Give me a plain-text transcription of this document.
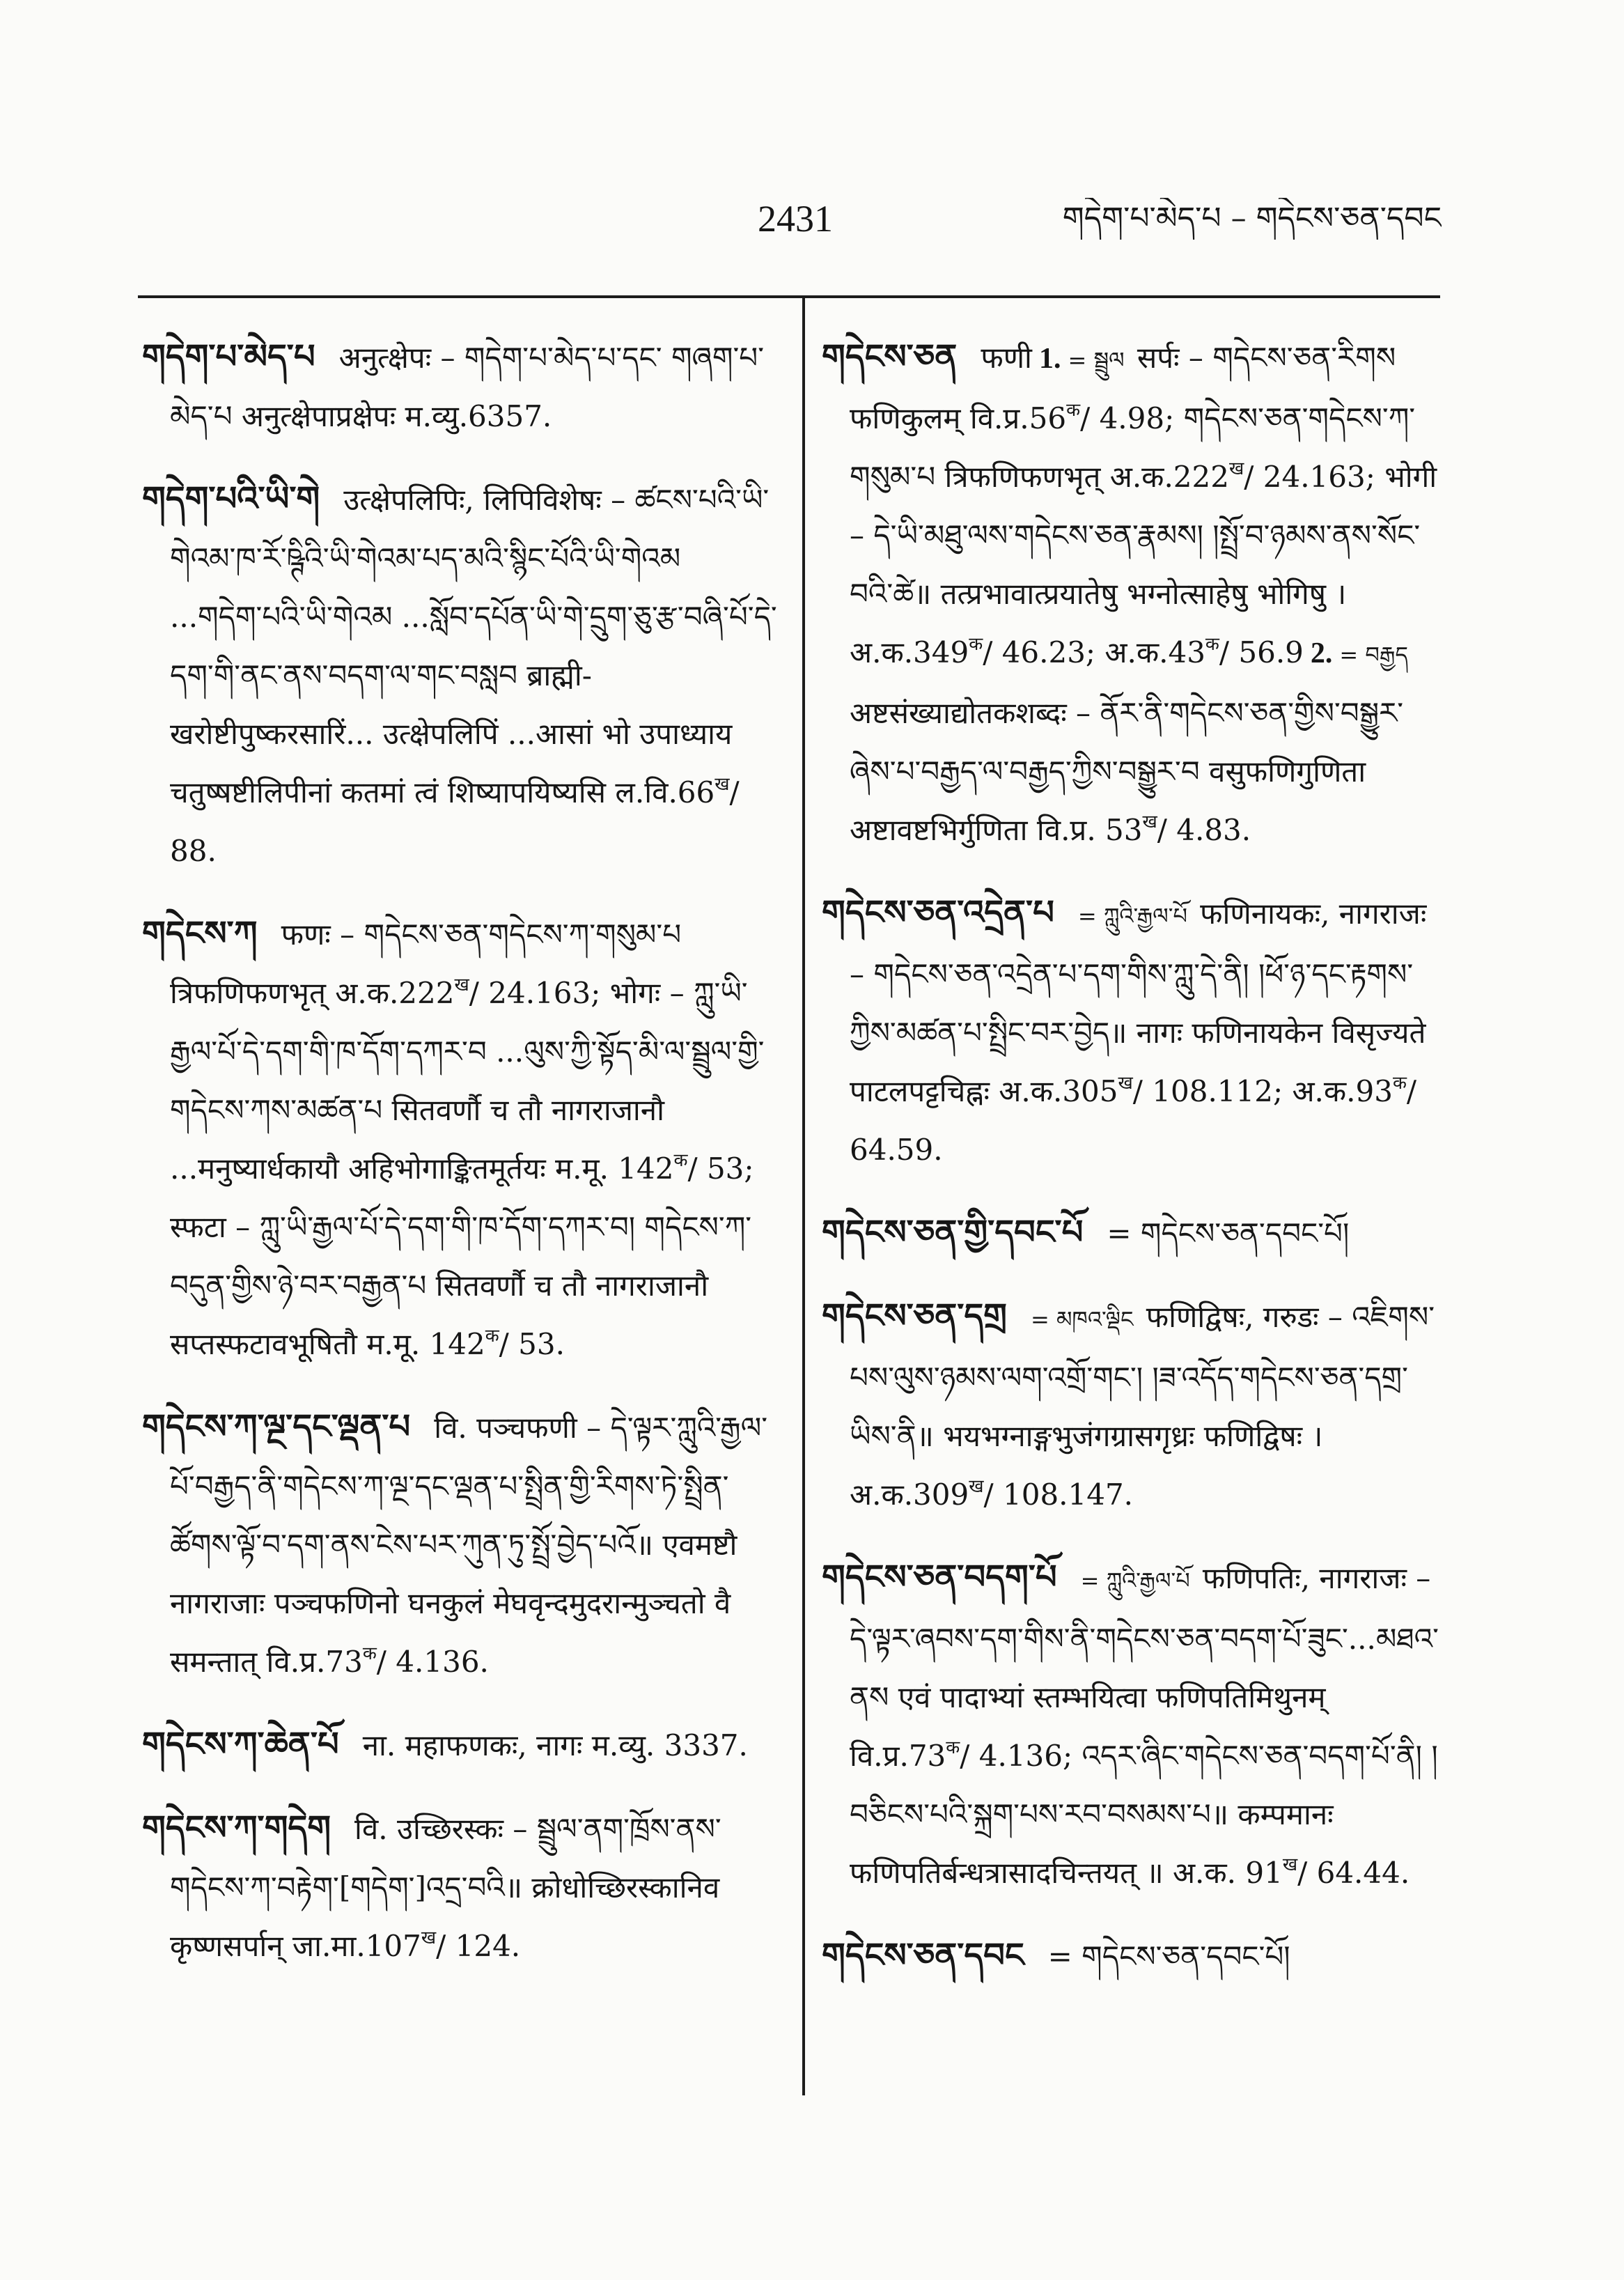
2431	གདེག་པ་མེད་པ – གདེངས་ཅན་དབང
གདེག་པ་མེད་པ अनुत्क्षेपः – གདེག་པ་མེད་པ་དང་ གཞག་པ་མེད་པ अनुत्क्षेपाप्रक्षेपः म.व्यु.6357.
གདེག་པའི་ཡི་གེ उत्क्षेपलिपिः, लिपिविशेषः – ཚངས་པའི་ཡི་གེའམ་ཁ་རོ་ཥྚིའི་ཡི་གེའམ་པད་མའི་སྙིང་པོའི་ཡི་གེའམ ...གདེག་པའི་ཡི་གེའམ ...སློབ་དཔོན་ཡི་གེ་དྲུག་ཅུ་རྩ་བཞི་པོ་དེ་དག་གི་ནང་ནས་བདག་ལ་གང་བསླབ ब्राह्मी-खरोष्टीपुष्करसारिं... उत्क्षेपलिपिं ...आसां भो उपाध्याय चतुष्षष्टीलिपीनां कतमां त्वं शिष्यापयिष्यसि $ल.वि.66^ख/$ 88.
གདེངས་ཀ फणः – གདེངས་ཅན་གདེངས་ཀ་གསུམ་པ त्रिफणिफणभृत् $अ.क.222^ख/$ 24.163; भोगः – ཀླུ་ཡི་རྒྱལ་པོ་དེ་དག་གི་ཁ་དོག་དཀར་བ ...ལུས་ཀྱི་སྟོད་མི་ལ་སྦྲུལ་གྱི་གདེངས་ཀས་མཚན་པ सितवर्णौ च तौ नागराजानौ ...मनुष्यार्धकायौ अहिभोगाङ्कितमूर्तयः म.मू. $142^क/$ 53; स्फटा – ཀླུ་ཡི་རྒྱལ་པོ་དེ་དག་གི་ཁ་དོག་དཀར་བ། གདེངས་ཀ་བདུན་གྱིས་ཉེ་བར་བརྒྱན་པ सितवर्णौ च तौ नागराजानौ सप्तस्फटावभूषितौ म.मू. $142^क/$ 53.
གདེངས་ཀ་ལྔ་དང་ལྡན་པ वि. पञ्चफणी – དེ་ལྟར་ཀླུའི་རྒྱལ་པོ་བརྒྱད་ནི་གདེངས་ཀ་ལྔ་དང་ལྡན་པ་སྤྲིན་གྱི་རིགས་ཏེ་སྤྲིན་ཚོགས་ལྟོ་བ་དག་ནས་ངེས་པར་ཀུན་ཏུ་སྤྲོ་བྱེད་པའོ॥ एवमष्टौ नागराजाः पञ्चफणिनो घनकुलं मेघवृन्दमुदरान्मुञ्चतो वै समन्तात् $वि.प्र.73^क/$ 4.136.
གདེངས་ཀ་ཆེན་པོ ना. महाफणकः, नागः म.व्यु. 3337.
གདེངས་ཀ་གདེག वि. उच्छिरस्कः – སྦྲུལ་ནག་ཁྲོས་ནས་གདེངས་ཀ་བརྟེག་[གདེག་]འདྲ་བའི॥ क्रोधोच्छिरस्कानिव कृष्णसर्पान् $जा.मा.107^ख/$ 124.
གདེངས་ཅན फणी 1. = སྦྲུལ सर्पः – གདེངས་ཅན་རིགས फणिकुलम् $वि.प्र.56^क/$ 4.98; གདེངས་ཅན་གདེངས་ཀ་གསུམ་པ त्रिफणिफणभृत् $अ.क.222^ख/$ 24.163; भोगी – དེ་ཡི་མཐུ་ལས་གདེངས་ཅན་རྣམས། །སྤྲོ་བ་ཉམས་ནས་སོང་བའི་ཚེ॥ तत्प्रभावात्प्रयातेषु भग्नोत्साहेषु भोगिषु । $अ.क.349^क/$ 46.23; $अ.क.43^क/$ 56.9 2. = བརྒྱད अष्टसंख्याद्योतकशब्दः – ནོར་ནི་གདེངས་ཅན་གྱིས་བསྒྱུར་ཞེས་པ་བརྒྱད་ལ་བརྒྱད་ཀྱིས་བསྒྱུར་བ वसुफणिगुणिता अष्टावष्टभिर्गुणिता वि.प्र. $53^ख/$ 4.83.
གདེངས་ཅན་འདྲེན་པ = ཀླུའི་རྒྱལ་པོ फणिनायकः, नागराजः – གདེངས་ཅན་འདྲེན་པ་དག་གིས་ཀླུ་དེ་ནི། །ཕོ་ཉ་དང་རྟགས་ཀྱིས་མཚན་པ་སྤྲིང་བར་བྱེད॥ नागः फणिनायकेन विसृज्यते पाटलपट्टचिह्नः $अ.क.305^ख/$ 108.112; $अ.क.93^क/$ 64.59.
གདེངས་ཅན་གྱི་དབང་པོ = གདེངས་ཅན་དབང་པོ།
གདེངས་ཅན་དགྲ = མཁའ་ལྡིང फणिद्विषः, गरुडः – འཇིགས་པས་ལུས་ཉམས་ལག་འགྲོ་གང་། །ཟ་འདོད་གདེངས་ཅན་དགྲ་ཡིས་ནི॥ भयभग्नाङ्गभुजंगग्रासगृध्रः फणिद्विषः । $अ.क.309^ख/$ 108.147.
གདེངས་ཅན་བདག་པོ = ཀླུའི་རྒྱལ་པོ फणिपतिः, नागराजः – དེ་ལྟར་ཞབས་དག་གིས་ནི་གདེངས་ཅན་བདག་པོ་ཟུང་...མཐའ་ནས एवं पादाभ्यां स्तम्भयित्वा फणिपतिमिथुनम् $वि.प्र.73^क/$ 4.136; འདར་ཞིང་གདེངས་ཅན་བདག་པོ་ནི། །བཅིངས་པའི་སྐྲག་པས་རབ་བསམས་པ॥ कम्पमानः फणिपतिर्बन्धत्रासादचिन्तयत् ॥ अ.क. $91^ख/$ 64.44.
གདེངས་ཅན་དབང = གདེངས་ཅན་དབང་པོ།
